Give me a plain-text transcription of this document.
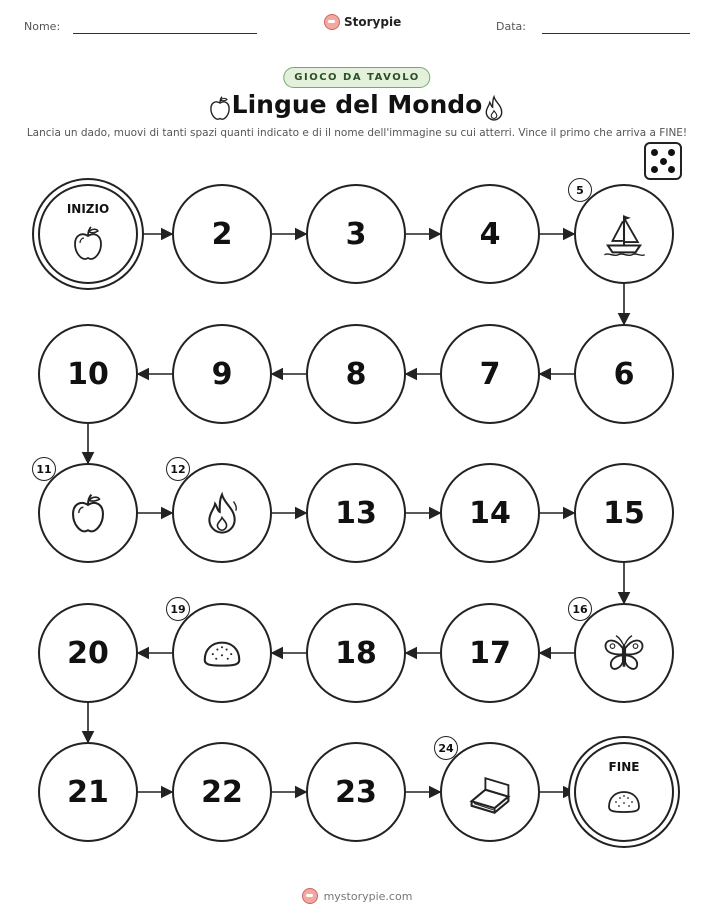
Nome:	Storypie	Data:
GIOCO DA TAVOLO
Lingue del Mondo
Lancia un dado, muovi di tanti spazi quanti indicato e di il nome dell'immagine su cui atterri. Vince il primo che arriva a FINE!
FINE
23
22
21
20	18	17
15
14
13
10	9	8	7	6
4
3
2
INIZIO
5
11	12
16
19
24
mystorypie.com
